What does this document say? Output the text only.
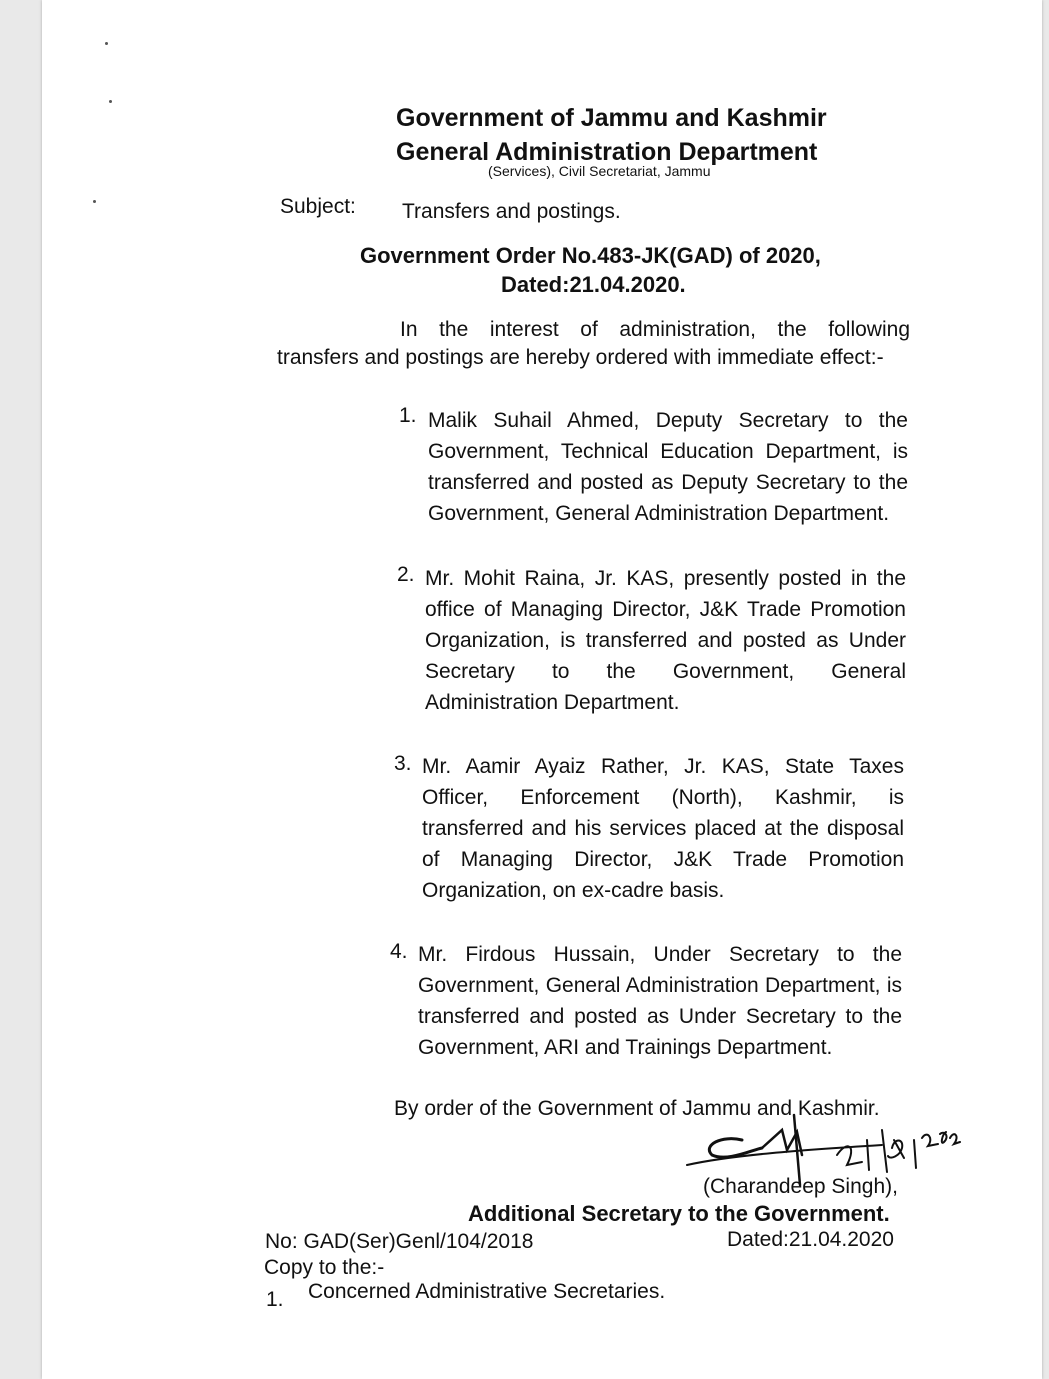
Government of Jammu and Kashmir
General Administration Department
(Services), Civil Secretariat, Jammu
Subject: Transfers and postings.
Government Order No.483-JK(GAD) of 2020,
Dated:21.04.2020.
In the interest of administration, the following
transfers and postings are hereby ordered with immediate effect:-
1. Malik Suhail Ahmed, Deputy Secretary to the Government, Technical Education Department, is transferred and posted as Deputy Secretary to the Government, General Administration Department.
2. Mr. Mohit Raina, Jr. KAS, presently posted in the office of Managing Director, J&K Trade Promotion Organization, is transferred and posted as Under Secretary to the Government, General Administration Department.
3. Mr. Aamir Ayaiz Rather, Jr. KAS, State Taxes Officer, Enforcement (North), Kashmir, is transferred and his services placed at the disposal of Managing Director, J&K Trade Promotion Organization, on ex-cadre basis.
4. Mr. Firdous Hussain, Under Secretary to the Government, General Administration Department, is transferred and posted as Under Secretary to the Government, ARI and Trainings Department.
By order of the Government of Jammu and Kashmir.
(Charandeep Singh),
Additional Secretary to the Government.
No: GAD(Ser)Genl/104/2018	Dated:21.04.2020
Copy to the:-
1. Concerned Administrative Secretaries.
